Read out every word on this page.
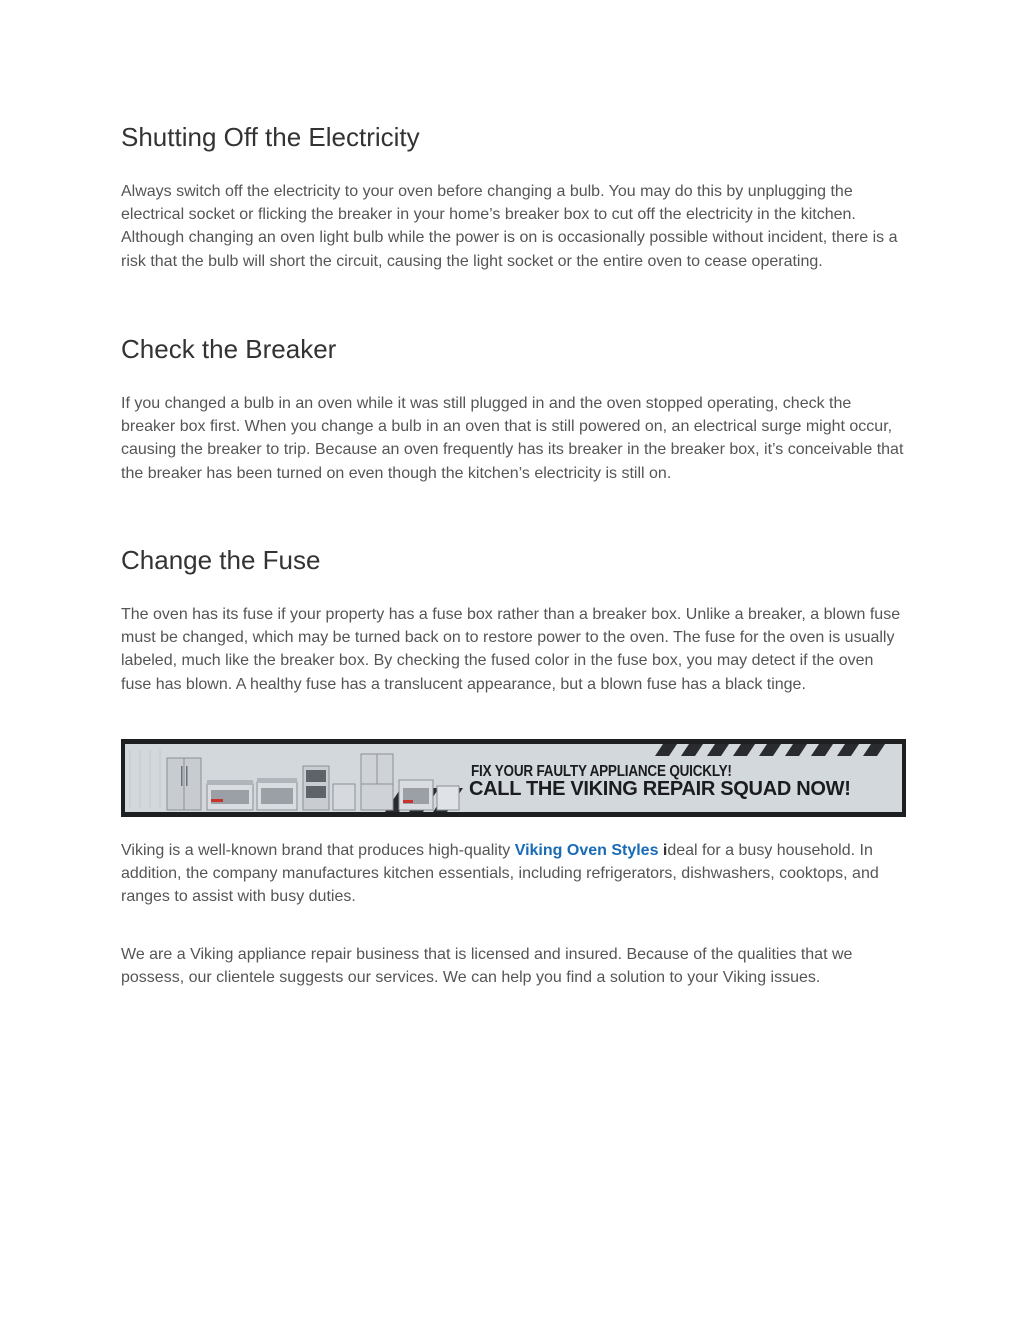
Shutting Off the Electricity

Always switch off the electricity to your oven before changing a bulb. You may do this by unplugging the electrical socket or flicking the breaker in your home’s breaker box to cut off the electricity in the kitchen. Although changing an oven light bulb while the power is on is occasionally possible without incident, there is a risk that the bulb will short the circuit, causing the light socket or the entire oven to cease operating.

Check the Breaker

If you changed a bulb in an oven while it was still plugged in and the oven stopped operating, check the breaker box first. When you change a bulb in an oven that is still powered on, an electrical surge might occur, causing the breaker to trip. Because an oven frequently has its breaker in the breaker box, it’s conceivable that the breaker has been turned on even though the kitchen’s electricity is still on.

Change the Fuse

The oven has its fuse if your property has a fuse box rather than a breaker box. Unlike a breaker, a blown fuse must be changed, which may be turned back on to restore power to the oven. The fuse for the oven is usually labeled, much like the breaker box. By checking the fused color in the fuse box, you may detect if the oven fuse has blown. A healthy fuse has a translucent appearance, but a blown fuse has a black tinge.

FIX YOUR FAULTY APPLIANCE QUICKLY!
CALL THE VIKING REPAIR SQUAD NOW!

Viking is a well-known brand that produces high-quality Viking Oven Styles ideal for a busy household. In addition, the company manufactures kitchen essentials, including refrigerators, dishwashers, cooktops, and ranges to assist with busy duties.

We are a Viking appliance repair business that is licensed and insured. Because of the qualities that we possess, our clientele suggests our services. We can help you find a solution to your Viking issues.
